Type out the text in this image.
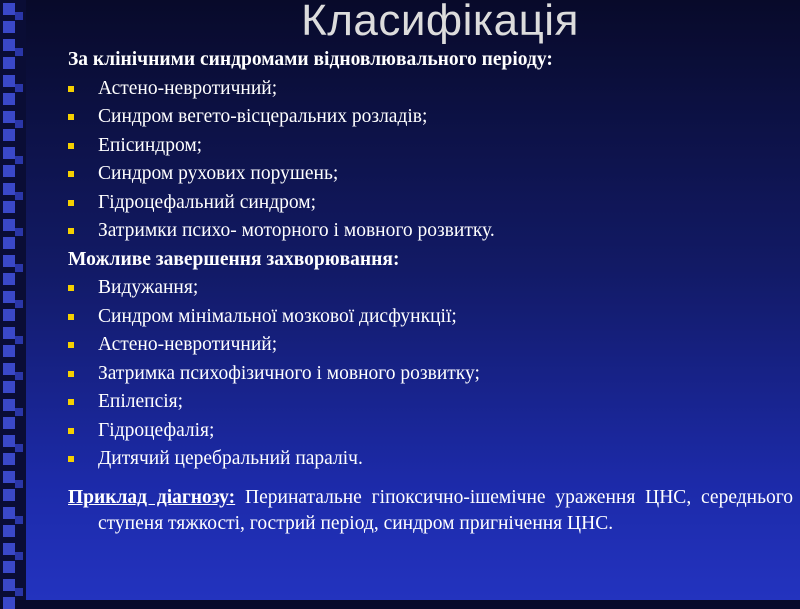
Класифікація
За клінічними синдромами відновлювального періоду:
Астено-невротичний;
Синдром вегето-вісцеральних розладів;
Епісиндром;
Синдром рухових порушень;
Гідроцефальний синдром;
Затримки психо- моторного і мовного розвитку.
Можливе завершення захворювання:
Видужання;
Синдром мінімальної мозкової дисфункції;
Астено-невротичний;
Затримка психофізичного і мовного розвитку;
Епілепсія;
Гідроцефалія;
Дитячий церебральний параліч.
Приклад діагнозу: Перинатальне гіпоксично-ішемічне ураження ЦНС, середнього ступеня тяжкості, гострий період, синдром пригнічення ЦНС.
